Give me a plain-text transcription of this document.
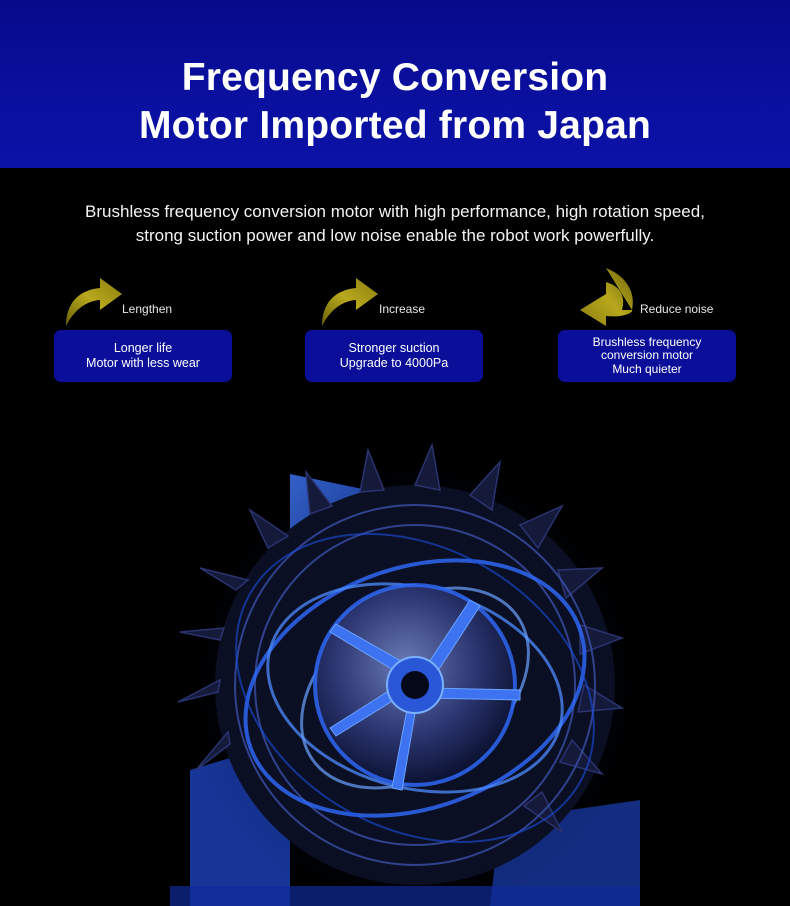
Frequency Conversion
Motor Imported from Japan
Brushless frequency conversion motor with high performance, high rotation speed,
strong suction power and low noise enable the robot work powerfully.
Lengthen
Longer life
Motor with less wear
Increase
Stronger suction
Upgrade to 4000Pa
Reduce noise
Brushless frequency
conversion motor
Much quieter
